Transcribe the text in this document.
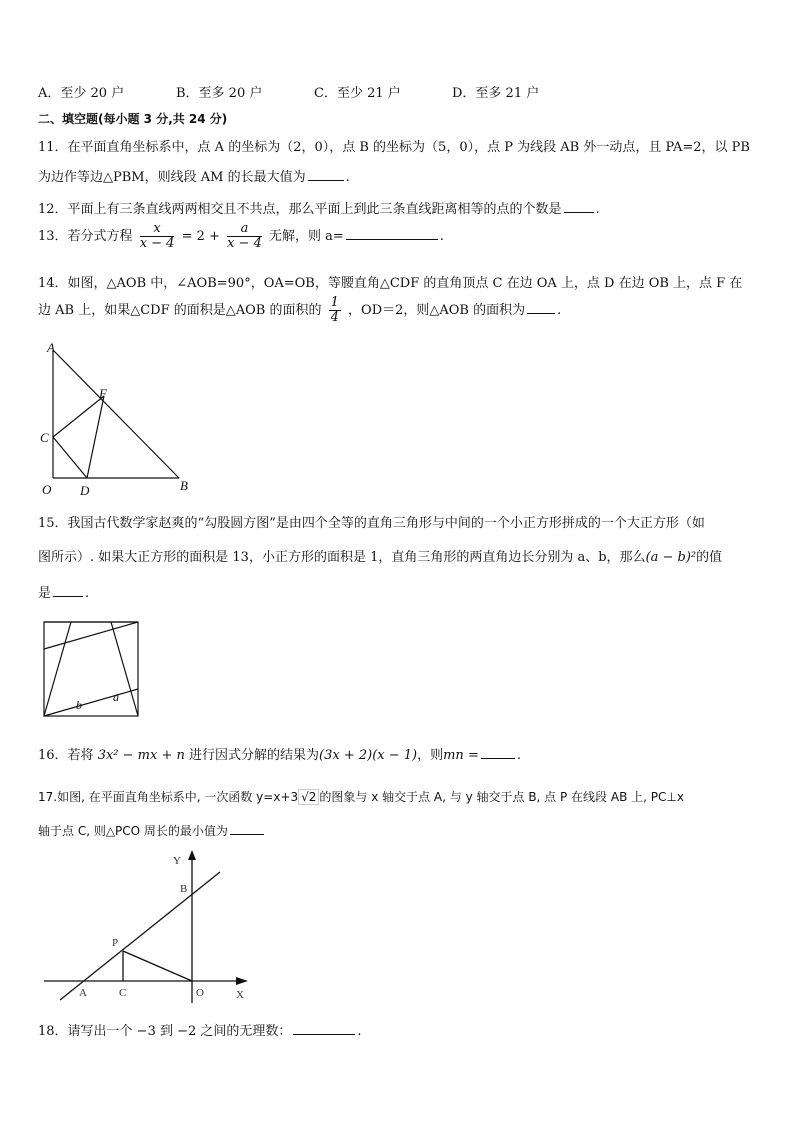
A．至少 20 户	B．至多 20 户	C．至少 21 户	D．至多 21 户
二、填空题(每小题 3 分,共 24 分)
11．在平面直角坐标系中，点 A 的坐标为（2，0），点 B 的坐标为（5，0），点 P 为线段 AB 外一动点，且 PA=2，以 PB
为边作等边△PBM，则线段 AM 的长最大值为	.
12．平面上有三条直线两两相交且不共点，那么平面上到此三条直线距离相等的点的个数是	.
13．若分式方程 $\frac{x}{x - 4} = 2 + \frac{a}{x - 4}$ 无解，则 a=	.
14．如图，△AOB 中，∠AOB=90°，OA=OB，等腰直角△CDF 的直角顶点 C 在边 OA 上，点 D 在边 OB 上，点 F 在
边 AB 上，如果△CDF 的面积是△AOB 的面积的 $\frac{1}{4}$ ，OD＝2，则△AOB 的面积为 .
A
F
C
O D	B
15．我国古代数学家赵爽的“勾股圆方图”是由四个全等的直角三角形与中间的一个小正方形拼成的一个大正方形（如
图所示）. 如果大正方形的面积是 13，小正方形的面积是 1，直角三角形的两直角边长分别为 a、b，那么(a − b)²的值
是	.
a
b
16．若将 3x² − mx + n 进行因式分解的结果为(3x + 2)(x − 1)，则mn =	.
17.如图, 在平面直角坐标系中, 一次函数 y=x+3 √2 的图象与 x 轴交于点 A, 与 y 轴交于点 B, 点 P 在线段 AB 上, PC⊥x
轴于点 C, 则△PCO 周长的最小值为
Y
B
P
A	C	O	X
18．请写出一个 −3 到 −2 之间的无理数：	.
